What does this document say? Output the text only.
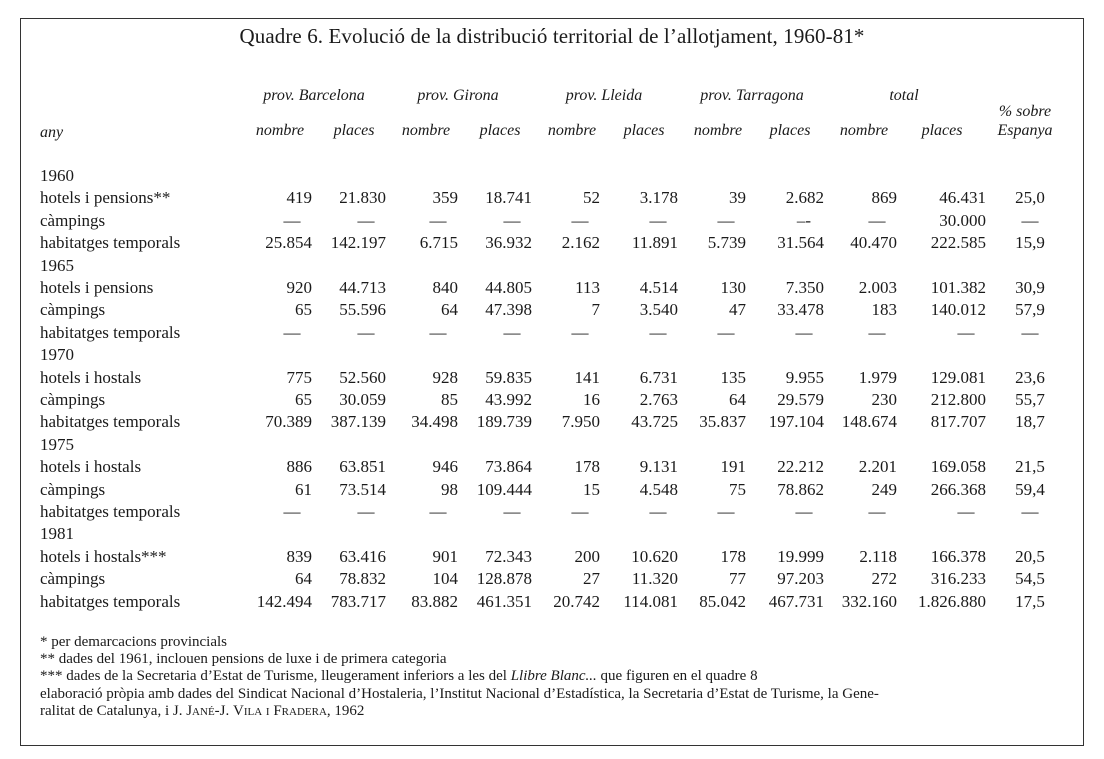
Quadre 6. Evolució de la distribució territorial de l’allotjament, 1960-81*
prov. Barcelona	prov. Girona	prov. Lleida	prov. Tarragona	total
% sobre
Espanya
any	nombre	places	nombre	places	nombre	places	nombre	places	nombre	places
1960
hotels i pensions**	419	21.830	359	18.741	52	3.178	39	2.682	869	46.431	25,0
càmpings	—	—	—	—	—	—	—	–-	—	30.000	—
habitatges temporals	25.854	142.197	6.715	36.932	2.162	11.891	5.739	31.564	40.470	222.585	15,9
1965
hotels i pensions	920	44.713	840	44.805	113	4.514	130	7.350	2.003	101.382	30,9
càmpings	65	55.596	64	47.398	7	3.540	47	33.478	183	140.012	57,9
habitatges temporals	—	—	—	—	—	—	—	—	—	—	—
1970
hotels i hostals	775	52.560	928	59.835	141	6.731	135	9.955	1.979	129.081	23,6
càmpings	65	30.059	85	43.992	16	2.763	64	29.579	230	212.800	55,7
habitatges temporals	70.389	387.139	34.498	189.739	7.950	43.725	35.837	197.104	148.674	817.707	18,7
1975
hotels i hostals	886	63.851	946	73.864	178	9.131	191	22.212	2.201	169.058	21,5
càmpings	61	73.514	98	109.444	15	4.548	75	78.862	249	266.368	59,4
habitatges temporals	—	—	—	—	—	—	—	—	—	—	—
1981
hotels i hostals***	839	63.416	901	72.343	200	10.620	178	19.999	2.118	166.378	20,5
càmpings	64	78.832	104	128.878	27	11.320	77	97.203	272	316.233	54,5
habitatges temporals	142.494	783.717	83.882	461.351	20.742	114.081	85.042	467.731	332.160	1.826.880	17,5
* per demarcacions provincials
** dades del 1961, inclouen pensions de luxe i de primera categoria
*** dades de la Secretaria d’Estat de Turisme, lleugerament inferiors a les del Llibre Blanc... que figuren en el quadre 8
elaboració pròpia amb dades del Sindicat Nacional d’Hostaleria, l’Institut Nacional d’Estadística, la Secretaria d’Estat de Turisme, la Gene-
ralitat de Catalunya, i J. Jané-J. Vila i Fradera, 1962
